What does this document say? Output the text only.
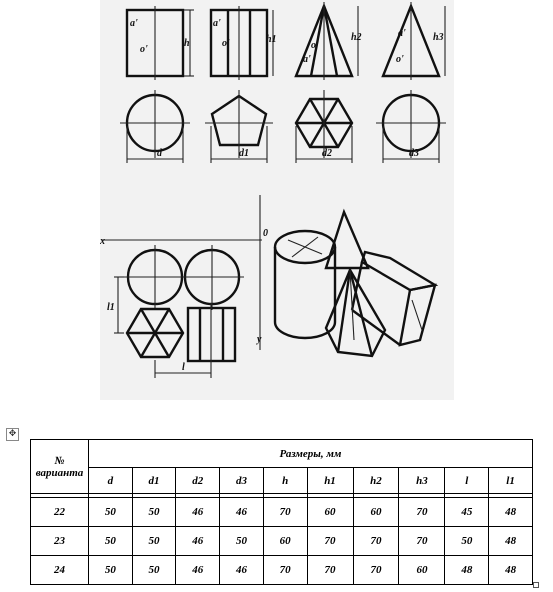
a'
o'
h
a'
o'	h1
a'
o'
h2	a'
o'
h3
d	d1	d2	d3
x
0
y
l1
l
✥
№ варианта	Размеры, мм									
	d	d1	d2	d3	h	h1	h2	h3	l	l1

22	50	50	46	46	70	60	60	70	45	48
23	50	50	46	50	60	70	70	70	50	48
24	50	50	46	46	70	70	70	60	48	48
